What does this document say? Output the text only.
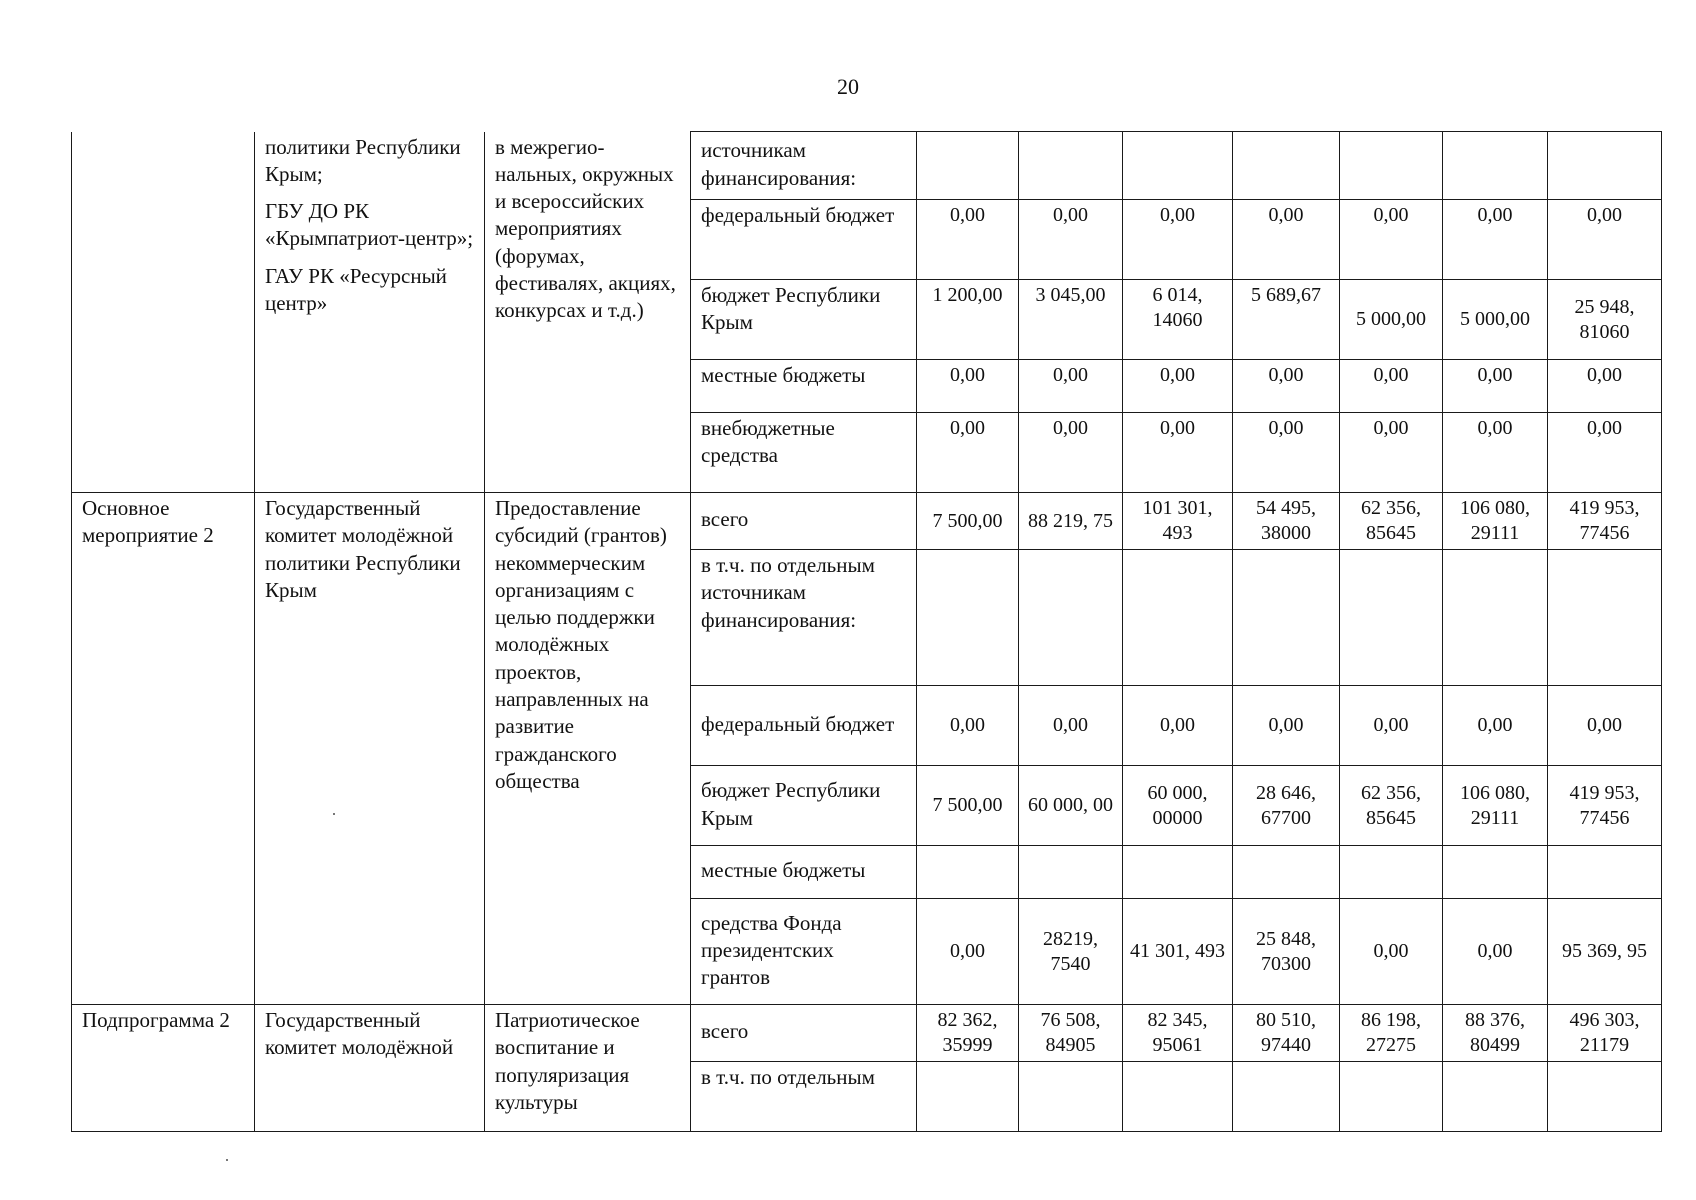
20

	политики Республики Крым;
ГБУ ДО РК «Крымпатриот-центр»;
ГАУ РК «Ресурсный центр»	в межрегио-нальных, окружных и всероссийских мероприятиях (форумах, фестивалях, акциях, конкурсах и т.д.)	источникам финансирования:							
			федеральный бюджет	0,00	0,00	0,00	0,00	0,00	0,00	0,00
			бюджет Республики Крым	1 200,00	3 045,00	6 014, 14060	5 689,67	5 000,00	5 000,00	25 948, 81060
			местные бюджеты	0,00	0,00	0,00	0,00	0,00	0,00	0,00
			внебюджетные средства	0,00	0,00	0,00	0,00	0,00	0,00	0,00
Основное мероприятие 2	Государственный комитет молодёжной политики Республики Крым	Предоставление субсидий (грантов) некоммерческим организациям с целью поддержки молодёжных проектов, направленных на развитие гражданского общества	всего	7 500,00	88 219, 75	101 301, 493	54 495, 38000	62 356, 85645	106 080, 29111	419 953, 77456
			в т.ч. по отдельным источникам финансирования:							
			федеральный бюджет	0,00	0,00	0,00	0,00	0,00	0,00	0,00
			бюджет Республики Крым	7 500,00	60 000, 00	60 000, 00000	28 646, 67700	62 356, 85645	106 080, 29111	419 953, 77456
			местные бюджеты							
			средства Фонда президентских грантов	0,00	28219, 7540	41 301, 493	25 848, 70300	0,00	0,00	95 369, 95
Подпрограмма 2	Государственный комитет молодёжной	Патриотическое воспитание и популяризация культуры	всего	82 362, 35999	76 508, 84905	82 345, 95061	80 510, 97440	86 198, 27275	88 376, 80499	496 303, 21179
			в т.ч. по отдельным							
